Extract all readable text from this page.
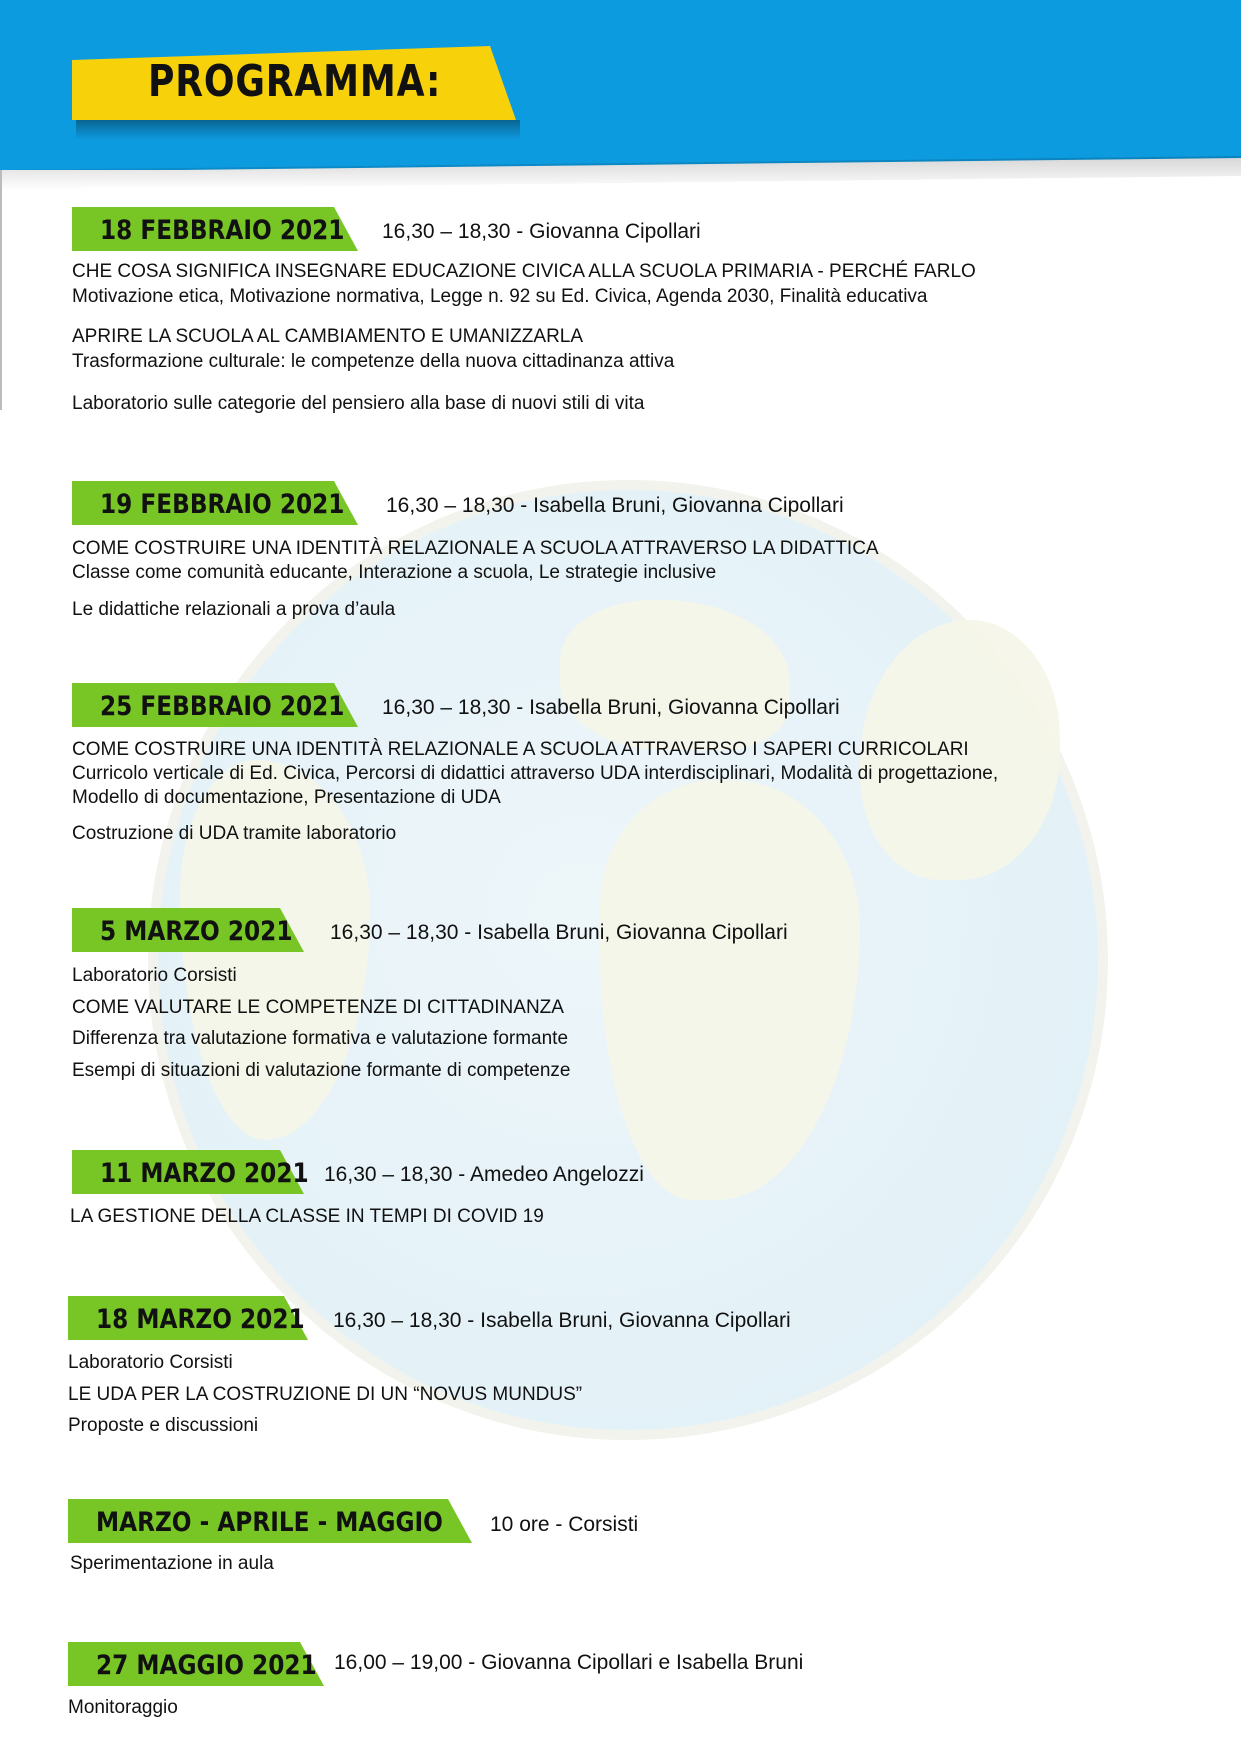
PROGRAMMA:
18 FEBBRAIO 2021 16,30 – 18,30 - Giovanna Cipollari
CHE COSA SIGNIFICA INSEGNARE EDUCAZIONE CIVICA ALLA SCUOLA PRIMARIA - PERCHÉ FARLO
Motivazione etica, Motivazione normativa, Legge n. 92 su Ed. Civica, Agenda 2030, Finalità educativa
APRIRE LA SCUOLA AL CAMBIAMENTO E UMANIZZARLA
Trasformazione culturale: le competenze della nuova cittadinanza attiva
Laboratorio sulle categorie del pensiero alla base di nuovi stili di vita
19 FEBBRAIO 2021 16,30 – 18,30 - Isabella Bruni, Giovanna Cipollari
COME COSTRUIRE UNA IDENTITÀ RELAZIONALE A SCUOLA ATTRAVERSO LA DIDATTICA
Classe come comunità educante, Interazione a scuola, Le strategie inclusive
Le didattiche relazionali a prova d’aula
25 FEBBRAIO 2021 16,30 – 18,30 - Isabella Bruni, Giovanna Cipollari
COME COSTRUIRE UNA IDENTITÀ RELAZIONALE A SCUOLA ATTRAVERSO I SAPERI CURRICOLARI
Curricolo verticale di Ed. Civica, Percorsi di didattici attraverso UDA interdisciplinari, Modalità di progettazione,
Modello di documentazione, Presentazione di UDA
Costruzione di UDA tramite laboratorio
5 MARZO 2021 16,30 – 18,30 - Isabella Bruni, Giovanna Cipollari
Laboratorio Corsisti
COME VALUTARE LE COMPETENZE DI CITTADINANZA
Differenza tra valutazione formativa e valutazione formante
Esempi di situazioni di valutazione formante di competenze
11 MARZO 2021 16,30 – 18,30 - Amedeo Angelozzi
LA GESTIONE DELLA CLASSE IN TEMPI DI COVID 19
18 MARZO 2021 16,30 – 18,30 - Isabella Bruni, Giovanna Cipollari
Laboratorio Corsisti
LE UDA PER LA COSTRUZIONE DI UN “NOVUS MUNDUS”
Proposte e discussioni
MARZO - APRILE - MAGGIO 10 ore - Corsisti
Sperimentazione in aula
27 MAGGIO 2021 16,00 – 19,00 - Giovanna Cipollari e Isabella Bruni
Monitoraggio
